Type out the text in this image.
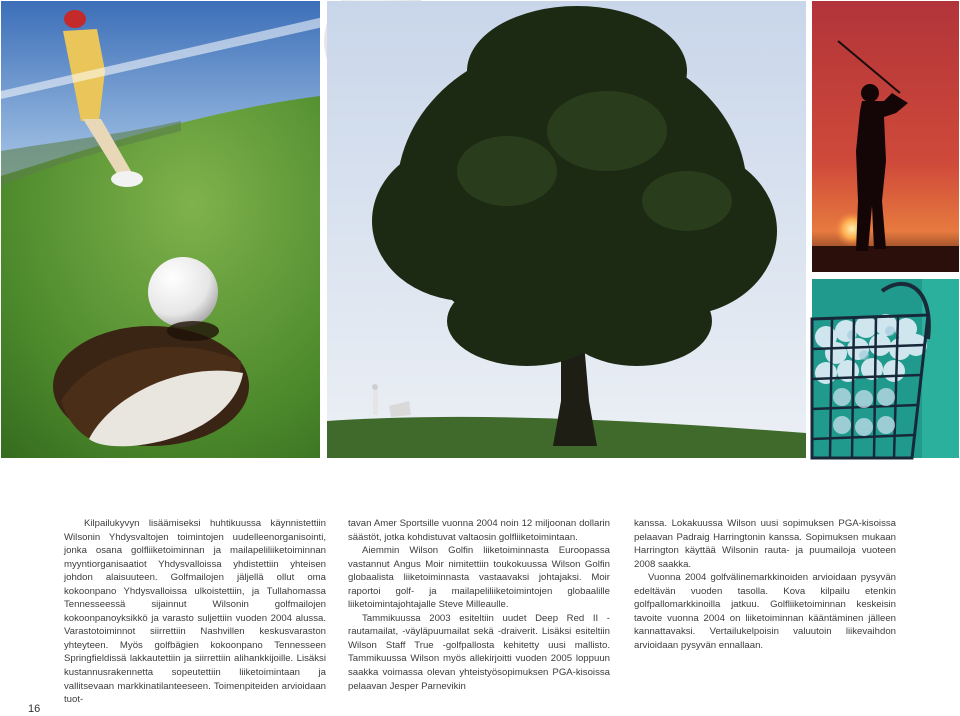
Kilpailukyvyn lisäämiseksi huhtikuussa käynnistettiin Wilsonin Yhdysvaltojen toimintojen uudelleenorganisointi, jonka osana golfliiketoiminnan ja mailapeliliiketoiminnan myyntiorganisaatiot Yhdysvalloissa yhdistettiin yhteisen johdon alaisuuteen. Golfmailojen jäljellä ollut oma kokoonpano Yhdysvalloissa ulkoistettiin, ja Tullahomassa Tennesseessä sijainnut Wilsonin golfmailojen kokoonpanoyksikkö ja varasto suljettiin vuoden 2004 alussa. Varastotoiminnot siirrettiin Nashvillen keskusvaraston yhteyteen. Myös golfbägien kokoonpano Tennesseen Springfieldissä lakkautettiin ja siirrettiin alihankkijoille. Lisäksi kustannusrakennetta sopeutettiin liiketoimintaan ja vallitsevaan markkinatilanteeseen. Toimenpiteiden arvioidaan tuot-

tavan Amer Sportsille vuonna 2004 noin 12 miljoonan dollarin säästöt, jotka kohdistuvat valtaosin golfliiketoimintaan.

Aiemmin Wilson Golfin liiketoiminnasta Euroopassa vastannut Angus Moir nimitettiin toukokuussa Wilson Golfin globaalista liiketoiminnasta vastaavaksi johtajaksi. Moir raportoi golf- ja mailapeliliiketoimintojen globaalille liiketoimintajohtajalle Steve Milleaulle.

Tammikuussa 2003 esiteltiin uudet Deep Red II -rautamailat, -väyläpuumailat sekä -draiverit. Lisäksi esiteltiin Wilson Staff True -golfpallosta kehitetty uusi mallisto. Tammikuussa Wilson myös allekirjoitti vuoden 2005 loppuun saakka voimassa olevan yhteistyösopimuksen PGA-kisoissa pelaavan Jesper Parnevikin

kanssa. Lokakuussa Wilson uusi sopimuksen PGA-kisoissa pelaavan Padraig Harringtonin kanssa. Sopimuksen mukaan Harrington käyttää Wilsonin rauta- ja puumailoja vuoteen 2008 saakka.

Vuonna 2004 golfvälinemarkkinoiden arvioidaan pysyvän edeltävän vuoden tasolla. Kova kilpailu etenkin golfpallomarkkinoilla jatkuu. Golfliiketoiminnan keskeisin tavoite vuonna 2004 on liiketoiminnan kääntäminen jälleen kannattavaksi. Vertailukelpoisin valuutoin liikevaihdon arvioidaan pysyvän ennallaan.

16
